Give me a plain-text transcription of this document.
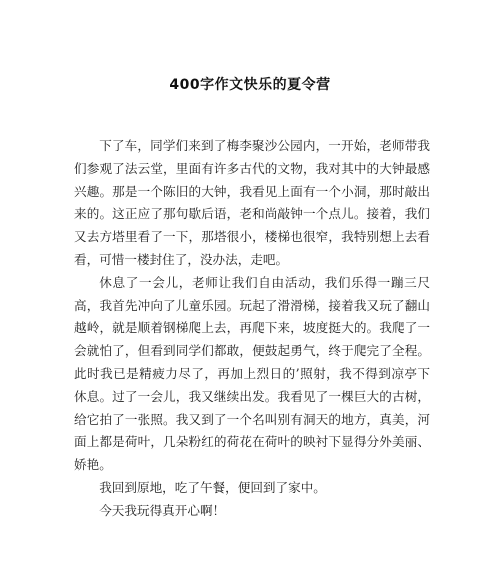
400字作文快乐的夏令营

下了车，同学们来到了梅李聚沙公园内，一开始，老师带我们参观了法云堂，里面有许多古代的文物，我对其中的大钟最感兴趣。那是一个陈旧的大钟，我看见上面有一个小洞，那时敲出来的。这正应了那句歇后语，老和尚敲钟一个点儿。接着，我们又去方塔里看了一下，那塔很小，楼梯也很窄，我特别想上去看看，可惜一楼封住了，没办法，走吧。

休息了一会儿，老师让我们自由活动，我们乐得一蹦三尺高，我首先冲向了儿童乐园。玩起了滑滑梯，接着我又玩了翻山越岭，就是顺着钢梯爬上去，再爬下来，坡度挺大的。我爬了一会就怕了，但看到同学们都敢，便鼓起勇气，终于爬完了全程。此时我已是精疲力尽了，再加上烈日的’照射，我不得到凉亭下休息。过了一会儿，我又继续出发。我看见了一棵巨大的古树，给它拍了一张照。我又到了一个名叫别有洞天的地方，真美，河面上都是荷叶，几朵粉红的荷花在荷叶的映衬下显得分外美丽、娇艳。

我回到原地，吃了午餐，便回到了家中。

今天我玩得真开心啊！
